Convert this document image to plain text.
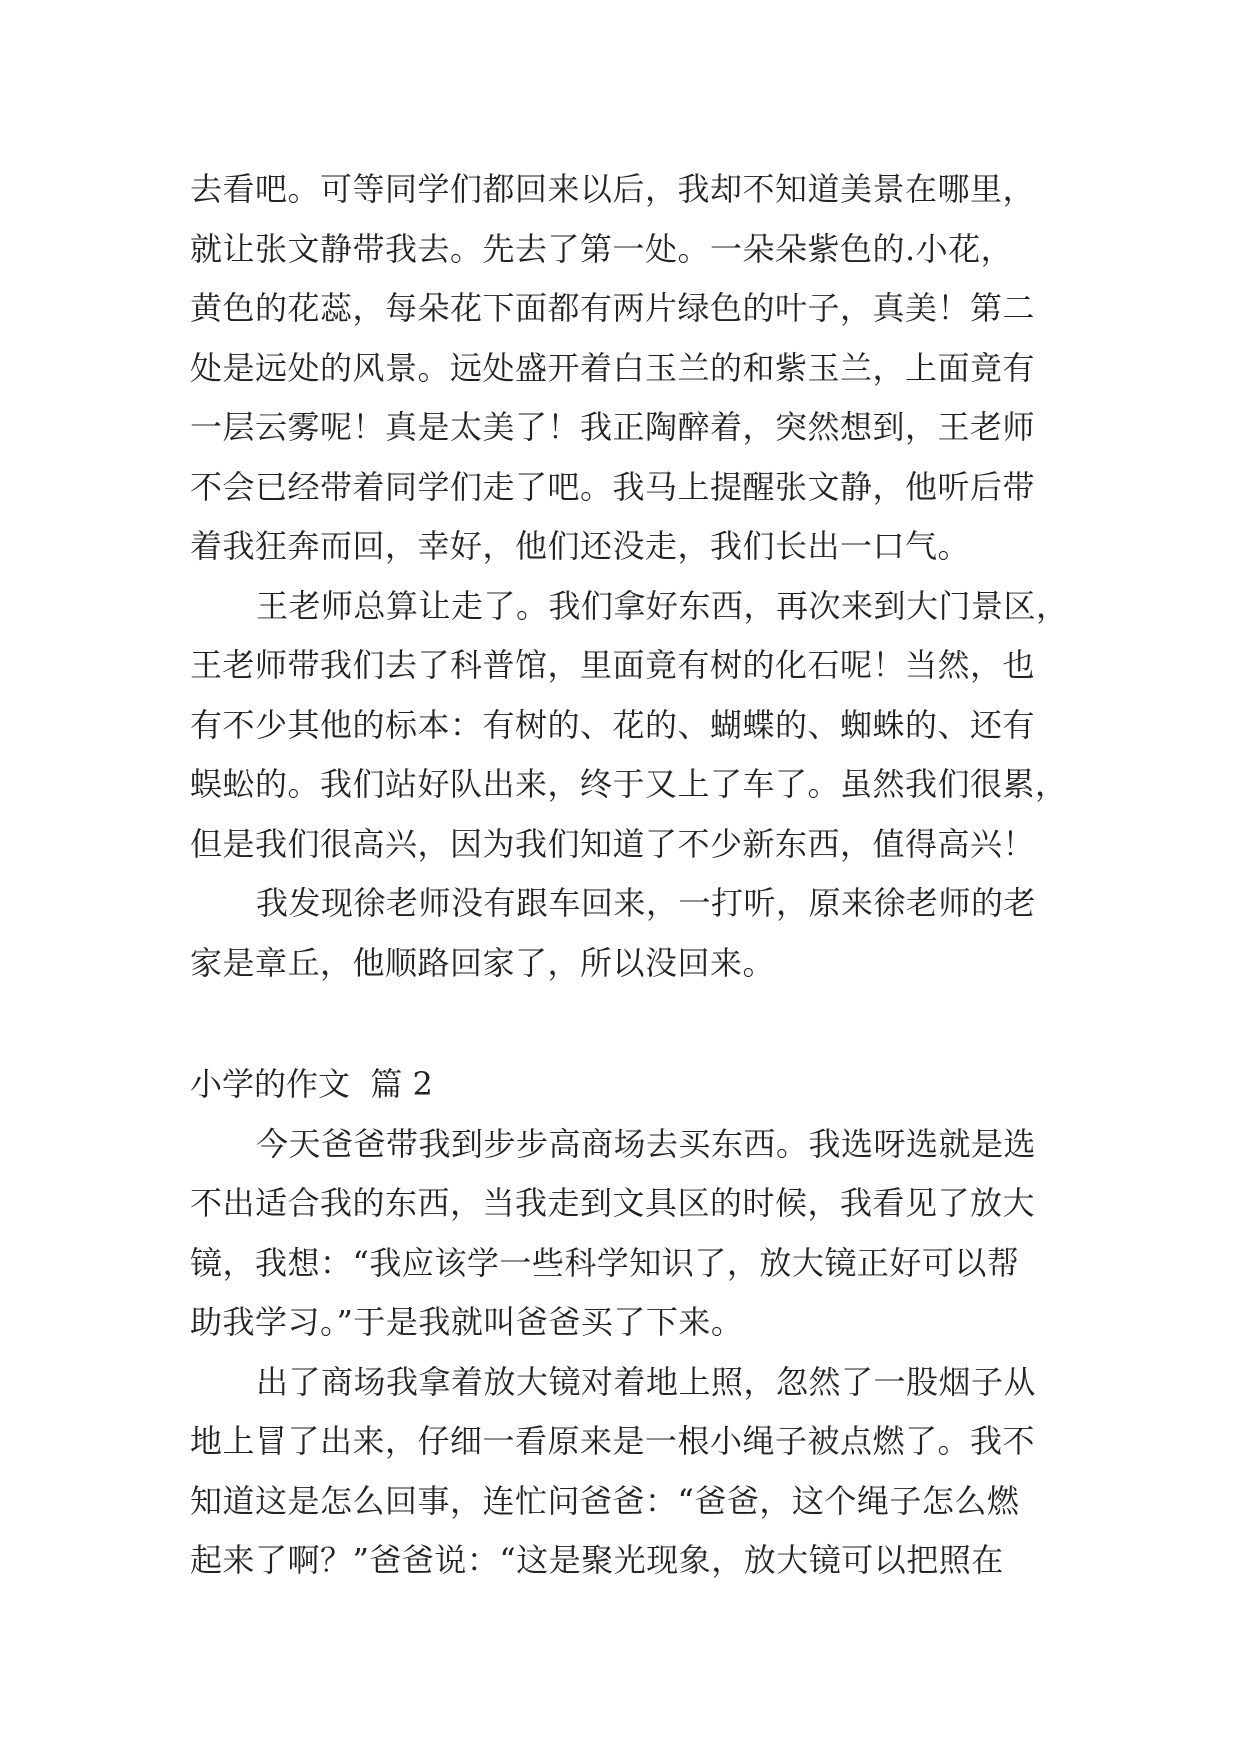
去看吧。可等同学们都回来以后，我却不知道美景在哪里，
就让张文静带我去。先去了第一处。一朵朵紫色的.小花，
黄色的花蕊，每朵花下面都有两片绿色的叶子，真美！第二
处是远处的风景。远处盛开着白玉兰的和紫玉兰，上面竟有
一层云雾呢！真是太美了！我正陶醉着，突然想到，王老师
不会已经带着同学们走了吧。我马上提醒张文静，他听后带
着我狂奔而回，幸好，他们还没走，我们长出一口气。
王老师总算让走了。我们拿好东西，再次来到大门景区，
王老师带我们去了科普馆，里面竟有树的化石呢！当然，也
有不少其他的标本：有树的、花的、蝴蝶的、蜘蛛的、还有
蜈蚣的。我们站好队出来，终于又上了车了。虽然我们很累，
但是我们很高兴，因为我们知道了不少新东西，值得高兴！
我发现徐老师没有跟车回来，一打听，原来徐老师的老
家是章丘，他顺路回家了，所以没回来。
小学的作文  篇 2
今天爸爸带我到步步高商场去买东西。我选呀选就是选
不出适合我的东西，当我走到文具区的时候，我看见了放大
镜，我想：“我应该学一些科学知识了，放大镜正好可以帮
助我学习。”于是我就叫爸爸买了下来。
出了商场我拿着放大镜对着地上照，忽然了一股烟子从
地上冒了出来，仔细一看原来是一根小绳子被点燃了。我不
知道这是怎么回事，连忙问爸爸：“爸爸，这个绳子怎么燃
起来了啊？”爸爸说：“这是聚光现象，放大镜可以把照在
